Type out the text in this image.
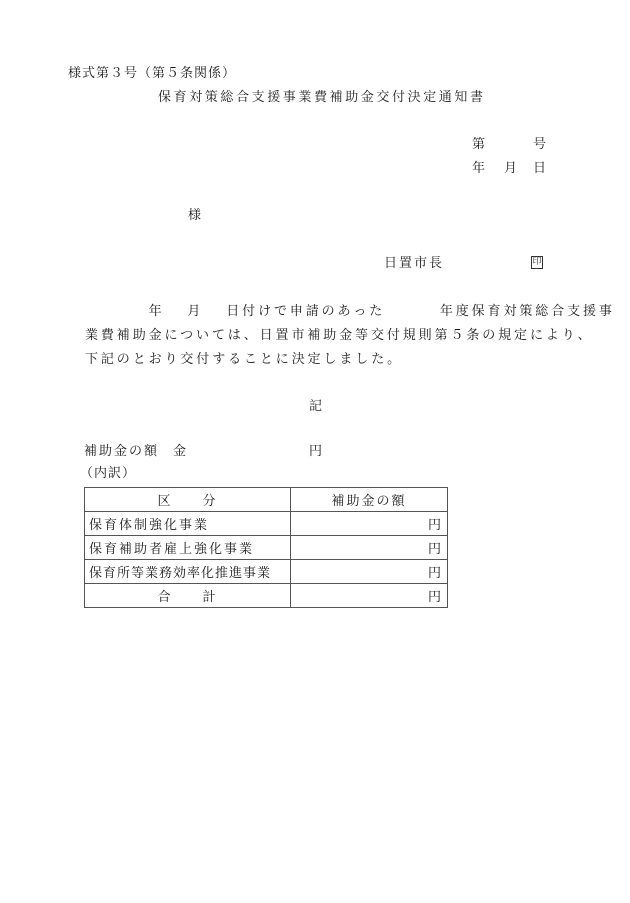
様式第３号（第５条関係）
保育対策総合支援事業費補助金交付決定通知書
第	号
年 月 日
様
日置市長	印
　　　　年　 月　 日付けで申請のあった　　　 年度保育対策総合支援事
業費補助金については、日置市補助金等交付規則第５条の規定により、
下記のとおり交付することに決定しました。
記
補助金の額 金	円
（内訳）
区　　分	補助金の額
保育体制強化事業	円
保育補助者雇上強化事業	円
保育所等業務効率化推進事業	円
合　　計	円
